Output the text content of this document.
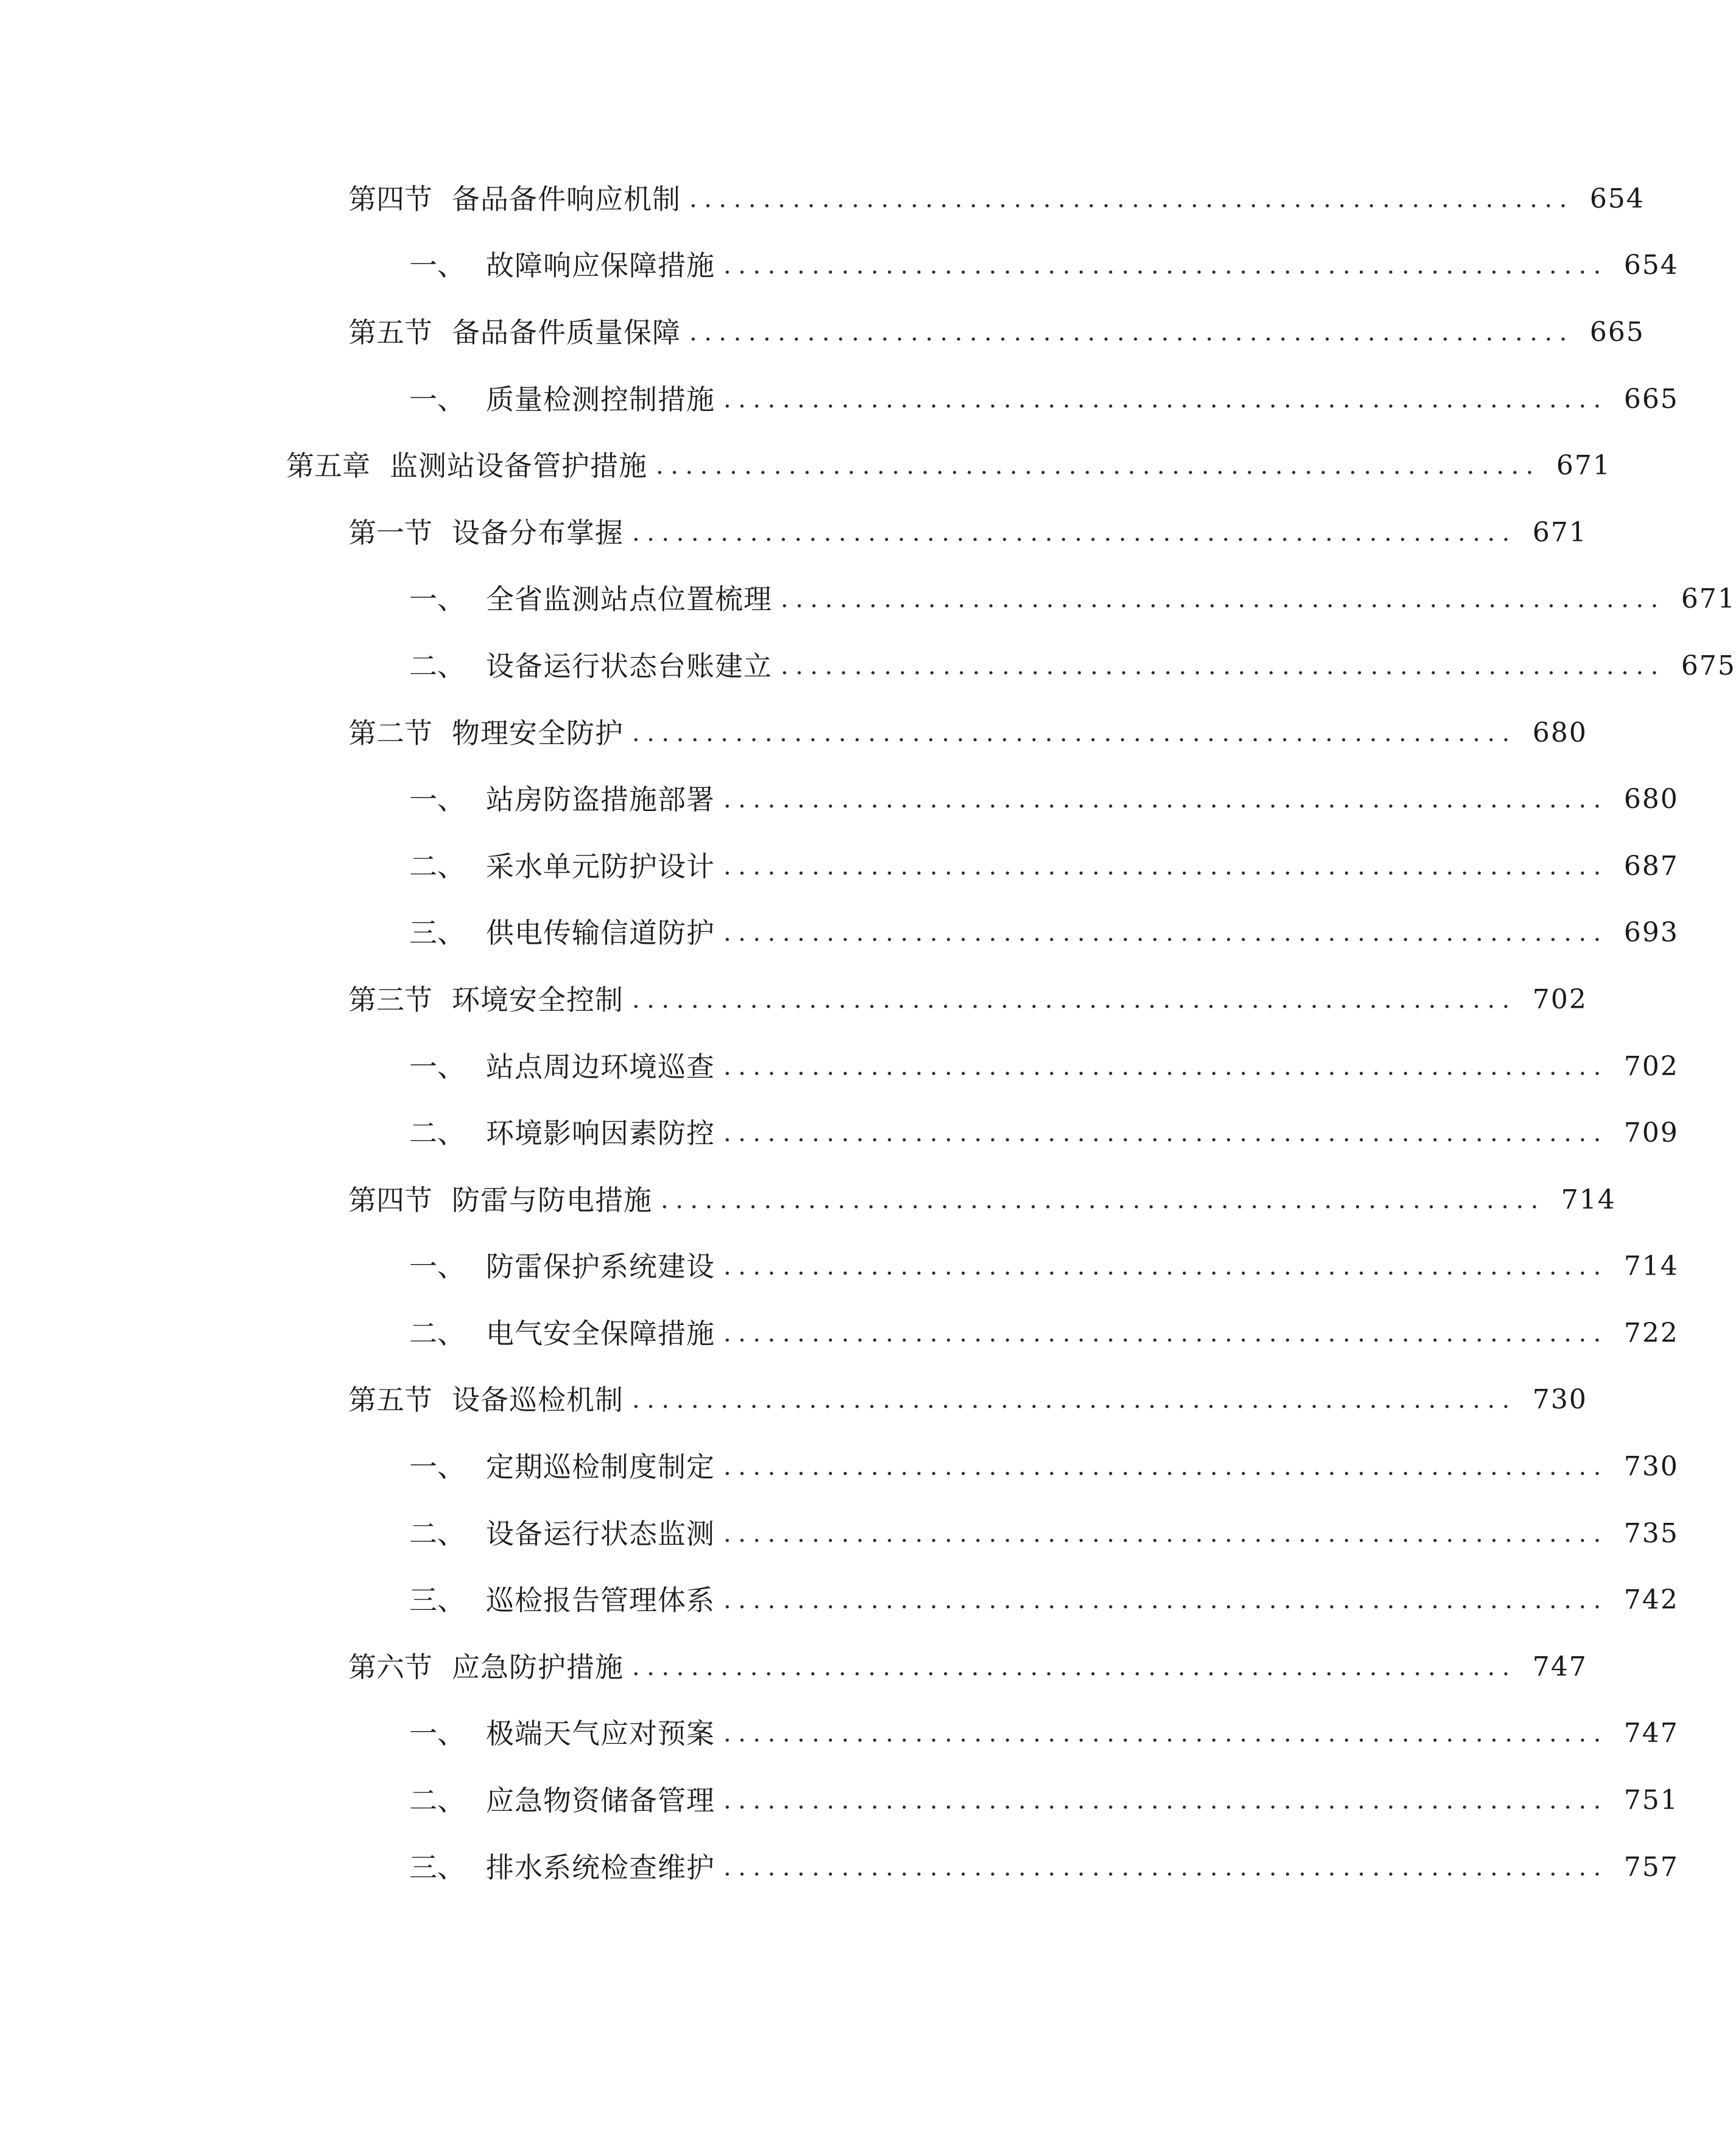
第四节 备品备件响应机制 ............................................................ 654
一、 故障响应保障措施 ............................................................ 654
第五节 备品备件质量保障 ............................................................ 665
一、 质量检测控制措施 ............................................................ 665
第五章 监测站设备管护措施 ............................................................ 671
第一节 设备分布掌握 ............................................................ 671
一、 全省监测站点位置梳理 ............................................................ 671
二、 设备运行状态台账建立 ............................................................ 675
第二节 物理安全防护 ............................................................ 680
一、 站房防盗措施部署 ............................................................ 680
二、 采水单元防护设计 ............................................................ 687
三、 供电传输信道防护 ............................................................ 693
第三节 环境安全控制 ............................................................ 702
一、 站点周边环境巡查 ............................................................ 702
二、 环境影响因素防控 ............................................................ 709
第四节 防雷与防电措施 ............................................................ 714
一、 防雷保护系统建设 ............................................................ 714
二、 电气安全保障措施 ............................................................ 722
第五节 设备巡检机制 ............................................................ 730
一、 定期巡检制度制定 ............................................................ 730
二、 设备运行状态监测 ............................................................ 735
三、 巡检报告管理体系 ............................................................ 742
第六节 应急防护措施 ............................................................ 747
一、 极端天气应对预案 ............................................................ 747
二、 应急物资储备管理 ............................................................ 751
三、 排水系统检查维护 ............................................................ 757
